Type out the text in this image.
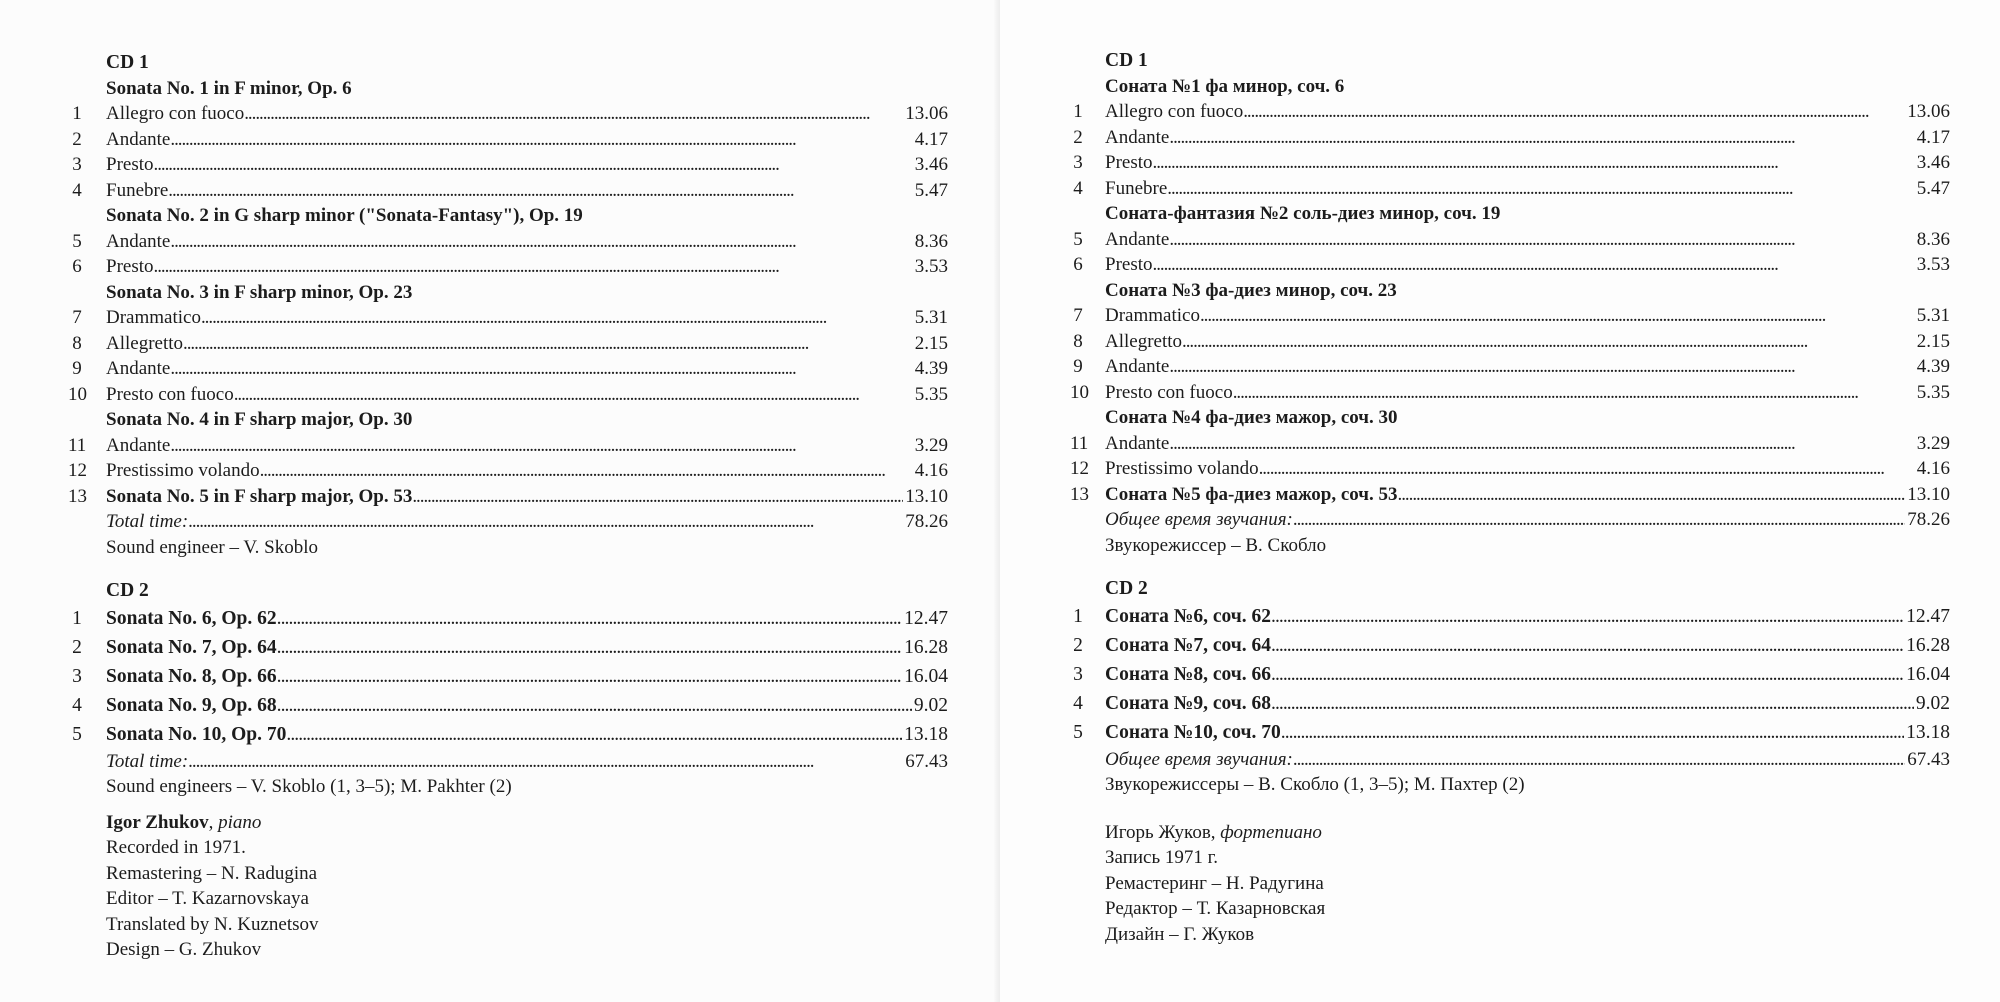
CD 1
Sonata No. 1 in F minor, Op. 6
1 Allegro con fuoco . . .	13.06
2 Andante . . .	4.17
3 Presto . . .	3.46
4 Funebre . . .	5.47
Sonata No. 2 in G sharp minor ("Sonata-Fantasy"), Op. 19
5 Andante . . .	8.36
6 Presto . . .	3.53
Sonata No. 3 in F sharp minor, Op. 23
7 Drammatico . . .	5.31
8 Allegretto . . .	2.15
9 Andante . . .	4.39
10 Presto con fuoco . . .	5.35
Sonata No. 4 in F sharp major, Op. 30
11 Andante . . .	3.29
12 Prestissimo volando . . .	4.16
13 Sonata No. 5 in F sharp major, Op. 53 . . .	13.10
Total time: . . .	78.26
Sound engineer – V. Skoblo
CD 2
1 Sonata No. 6, Op. 62 . . .	12.47
2 Sonata No. 7, Op. 64 . . .	16.28
3 Sonata No. 8, Op. 66 . . .	16.04
4 Sonata No. 9, Op. 68 . . .	9.02
5 Sonata No. 10, Op. 70 . . .	13.18
Total time: . . .	67.43
Sound engineers – V. Skoblo (1, 3–5); M. Pakhter (2)
Igor Zhukov, piano
Recorded in 1971.
Remastering – N. Radugina
Editor – T. Kazarnovskaya
Translated by N. Kuznetsov
Design – G. Zhukov
CD 1
Соната №1 фа минор, соч. 6
1 Allegro con fuoco . . .	13.06
2 Andante . . .	4.17
3 Presto . . .	3.46
4 Funebre . . .	5.47
Соната-фантазия №2 соль-диез минор, соч. 19
5 Andante . . .	8.36
6 Presto . . .	3.53
Соната №3 фа-диез минор, соч. 23
7 Drammatico . . .	5.31
8 Allegretto . . .	2.15
9 Andante . . .	4.39
10 Presto con fuoco . . .	5.35
Соната №4 фа-диез мажор, соч. 30
11 Andante . . .	3.29
12 Prestissimo volando . . .	4.16
13 Соната №5 фа-диез мажор, соч. 53 . . .	13.10
Общее время звучания: . . .	78.26
Звукорежиссер – В. Скобло
CD 2
1 Соната №6, соч. 62 . . .	12.47
2 Соната №7, соч. 64 . . .	16.28
3 Соната №8, соч. 66 . . .	16.04
4 Соната №9, соч. 68 . . .	9.02
5 Соната №10, соч. 70 . . .	13.18
Общее время звучания: . . .	67.43
Звукорежиссеры – В. Скобло (1, 3–5); М. Пахтер (2)
Игорь Жуков, фортепиано
Запись 1971 г.
Ремастеринг – Н. Радугина
Редактор – Т. Казарновская
Дизайн – Г. Жуков
